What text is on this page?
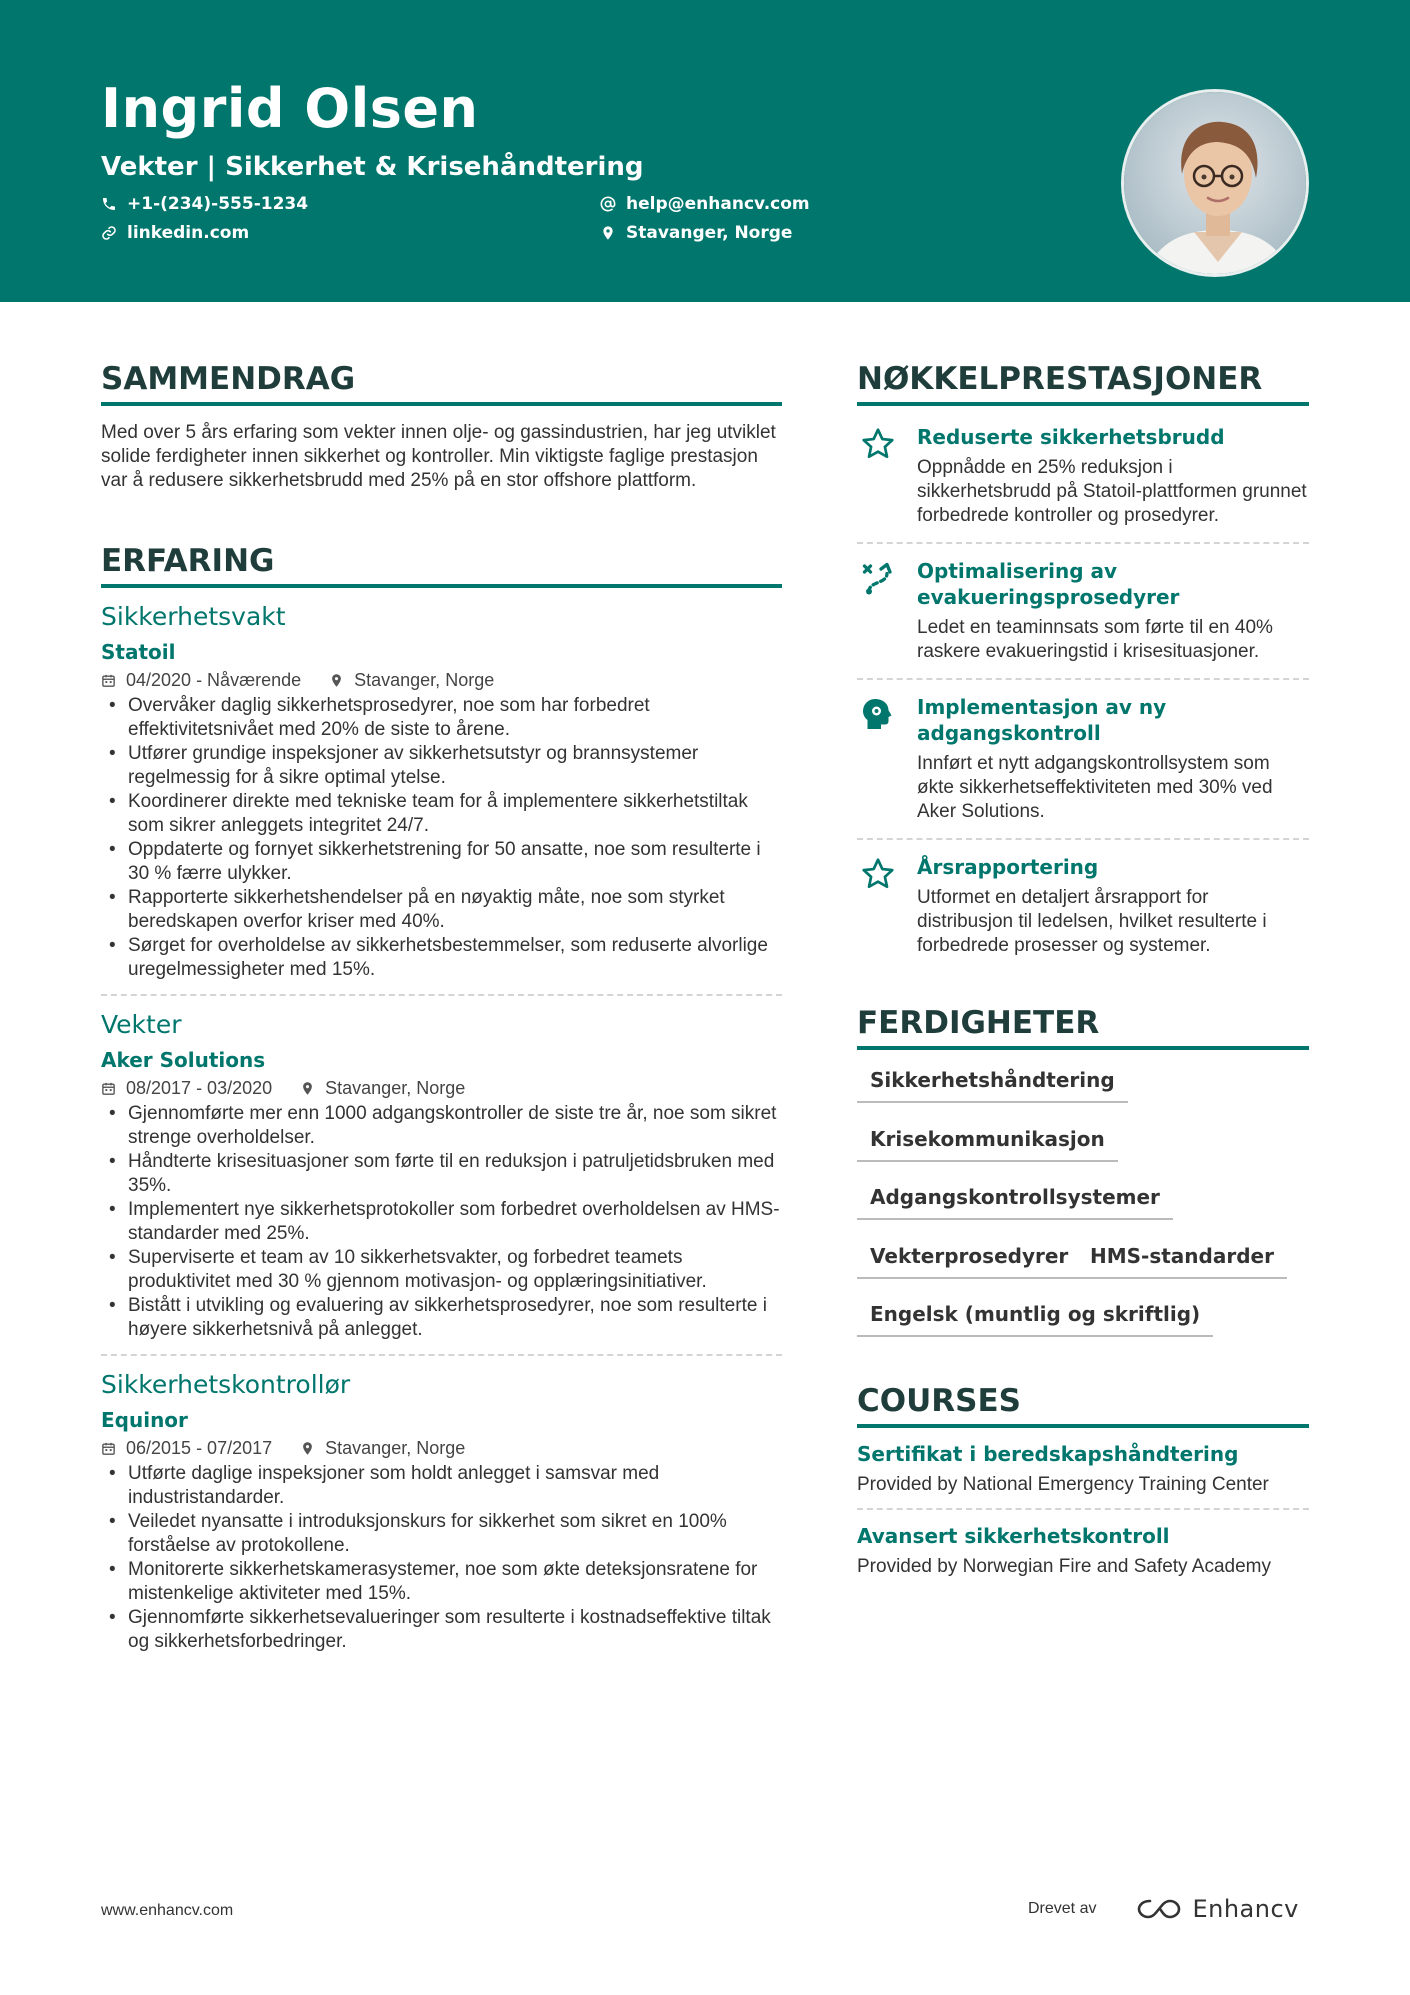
Ingrid Olsen
Vekter | Sikkerhet & Krisehåndtering
+1-(234)-555-1234	help@enhancv.com
linkedin.com	Stavanger, Norge
SAMMENDRAG
Med over 5 års erfaring som vekter innen olje- og gassindustrien, har jeg utviklet solide ferdigheter innen sikkerhet og kontroller. Min viktigste faglige prestasjon var å redusere sikkerhetsbrudd med 25% på en stor offshore plattform.
ERFARING
Sikkerhetsvakt
Statoil
04/2020 - Nåværende	Stavanger, Norge
• Overvåker daglig sikkerhetsprosedyrer, noe som har forbedret effektivitetsnivået med 20% de siste to årene.
• Utfører grundige inspeksjoner av sikkerhetsutstyr og brannsystemer regelmessig for å sikre optimal ytelse.
• Koordinerer direkte med tekniske team for å implementere sikkerhetstiltak som sikrer anleggets integritet 24/7.
• Oppdaterte og fornyet sikkerhetstrening for 50 ansatte, noe som resulterte i 30 % færre ulykker.
• Rapporterte sikkerhetshendelser på en nøyaktig måte, noe som styrket beredskapen overfor kriser med 40%.
• Sørget for overholdelse av sikkerhetsbestemmelser, som reduserte alvorlige uregelmessigheter med 15%.
Vekter
Aker Solutions
08/2017 - 03/2020	Stavanger, Norge
• Gjennomførte mer enn 1000 adgangskontroller de siste tre år, noe som sikret strenge overholdelser.
• Håndterte krisesituasjoner som førte til en reduksjon i patruljetidsbruken med 35%.
• Implementert nye sikkerhetsprotokoller som forbedret overholdelsen av HMS-standarder med 25%.
• Superviserte et team av 10 sikkerhetsvakter, og forbedret teamets produktivitet med 30 % gjennom motivasjon- og opplæringsinitiativer.
• Bistått i utvikling og evaluering av sikkerhetsprosedyrer, noe som resulterte i høyere sikkerhetsnivå på anlegget.
Sikkerhetskontrollør
Equinor
06/2015 - 07/2017	Stavanger, Norge
• Utførte daglige inspeksjoner som holdt anlegget i samsvar med industristandarder.
• Veiledet nyansatte i introduksjonskurs for sikkerhet som sikret en 100% forståelse av protokollene.
• Monitorerte sikkerhetskamerasystemer, noe som økte deteksjonsratene for mistenkelige aktiviteter med 15%.
• Gjennomførte sikkerhetsevalueringer som resulterte i kostnadseffektive tiltak og sikkerhetsforbedringer.
NØKKELPRESTASJONER
Reduserte sikkerhetsbrudd
Oppnådde en 25% reduksjon i sikkerhetsbrudd på Statoil-plattformen grunnet forbedrede kontroller og prosedyrer.
Optimalisering av evakueringsprosedyrer
Ledet en teaminnsats som førte til en 40% raskere evakueringstid i krisesituasjoner.
Implementasjon av ny adgangskontroll
Innført et nytt adgangskontrollsystem som økte sikkerhetseffektiviteten med 30% ved Aker Solutions.
Årsrapportering
Utformet en detaljert årsrapport for distribusjon til ledelsen, hvilket resulterte i forbedrede prosesser og systemer.
FERDIGHETER
Sikkerhetshåndtering
Krisekommunikasjon
Adgangskontrollsystemer
Vekterprosedyrer	HMS-standarder
Engelsk (muntlig og skriftlig)
COURSES
Sertifikat i beredskapshåndtering
Provided by National Emergency Training Center
Avansert sikkerhetskontroll
Provided by Norwegian Fire and Safety Academy
www.enhancv.com	Drevet av	Enhancv
